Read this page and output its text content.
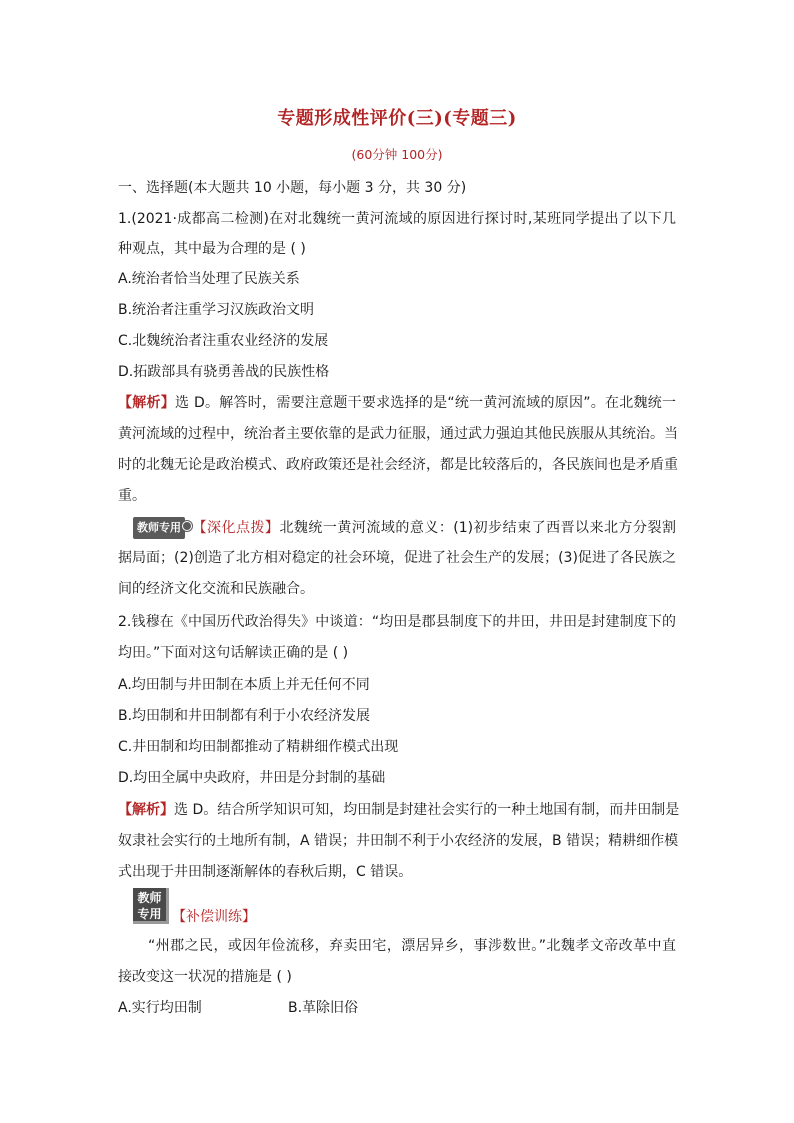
专题形成性评价(三)(专题三)
(60分钟 100分)
一、选择题(本大题共 10 小题，每小题 3 分，共 30 分)
1.(2021·成都高二检测)在对北魏统一黄河流域的原因进行探讨时,某班同学提出了以下几
种观点，其中最为合理的是 ( )
A.统治者恰当处理了民族关系
B.统治者注重学习汉族政治文明
C.北魏统治者注重农业经济的发展
D.拓跋部具有骁勇善战的民族性格
【解析】选 D。解答时，需要注意题干要求选择的是“统一黄河流域的原因”。在北魏统一
黄河流域的过程中，统治者主要依靠的是武力征服，通过武力强迫其他民族服从其统治。当
时的北魏无论是政治模式、政府政策还是社会经济，都是比较落后的，各民族间也是矛盾重
重。
教师专用 【深化点拨】北魏统一黄河流域的意义：(1)初步结束了西晋以来北方分裂割
据局面；(2)创造了北方相对稳定的社会环境，促进了社会生产的发展；(3)促进了各民族之
间的经济文化交流和民族融合。
2.钱穆在《中国历代政治得失》中谈道：“均田是郡县制度下的井田，井田是封建制度下的
均田。”下面对这句话解读正确的是 ( )
A.均田制与井田制在本质上并无任何不同
B.均田制和井田制都有利于小农经济发展
C.井田制和均田制都推动了精耕细作模式出现
D.均田全属中央政府，井田是分封制的基础
【解析】选 D。结合所学知识可知，均田制是封建社会实行的一种土地国有制，而井田制是
奴隶社会实行的土地所有制，A 错误；井田制不利于小农经济的发展，B 错误；精耕细作模
式出现于井田制逐渐解体的春秋后期，C 错误。
教师
专用 【补偿训练】
“州郡之民，或因年俭流移，弃卖田宅，漂居异乡，事涉数世。”北魏孝文帝改革中直
接改变这一状况的措施是 ( )
A.实行均田制	B.革除旧俗
